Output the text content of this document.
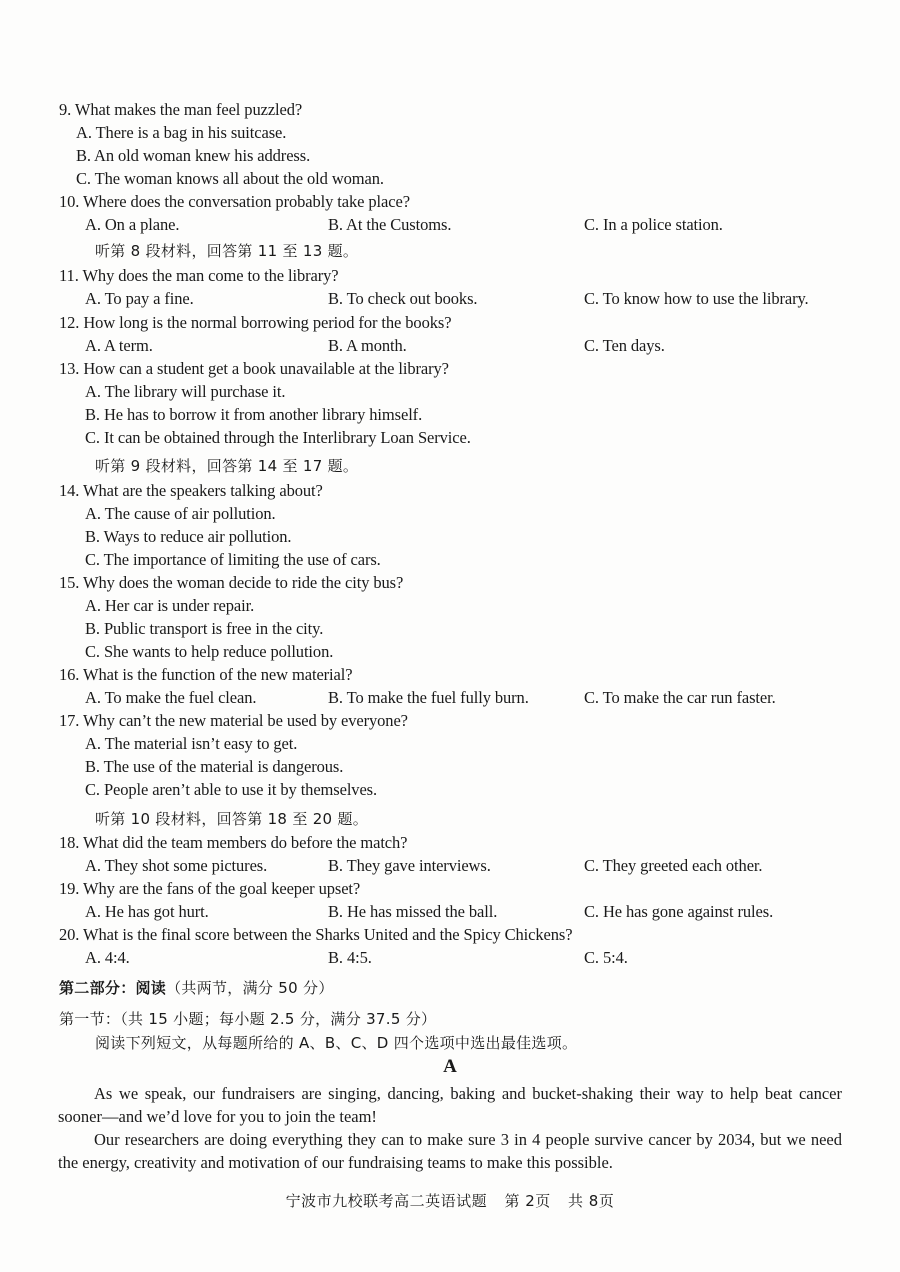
9. What makes the man feel puzzled?
A. There is a bag in his suitcase.
B. An old woman knew his address.
C. The woman knows all about the old woman.
10. Where does the conversation probably take place?
A. On a plane.	B. At the Customs.	C. In a police station.
听第 8 段材料，回答第 11 至 13 题。
11. Why does the man come to the library?
A. To pay a fine.	B. To check out books.	C. To know how to use the library.
12. How long is the normal borrowing period for the books?
A. A term.	B. A month.	C. Ten days.
13. How can a student get a book unavailable at the library?
A. The library will purchase it.
B. He has to borrow it from another library himself.
C. It can be obtained through the Interlibrary Loan Service.
听第 9 段材料，回答第 14 至 17 题。
14. What are the speakers talking about?
A. The cause of air pollution.
B. Ways to reduce air pollution.
C. The importance of limiting the use of cars.
15. Why does the woman decide to ride the city bus?
A. Her car is under repair.
B. Public transport is free in the city.
C. She wants to help reduce pollution.
16. What is the function of the new material?
A. To make the fuel clean.	B. To make the fuel fully burn.	C. To make the car run faster.
17. Why can’t the new material be used by everyone?
A. The material isn’t easy to get.
B. The use of the material is dangerous.
C. People aren’t able to use it by themselves.
听第 10 段材料，回答第 18 至 20 题。
18. What did the team members do before the match?
A. They shot some pictures.	B. They gave interviews.	C. They greeted each other.
19. Why are the fans of the goal keeper upset?
A. He has got hurt.	B. He has missed the ball.	C. He has gone against rules.
20. What is the final score between the Sharks United and the Spicy Chickens?
A. 4:4.	B. 4:5.	C. 5:4.
第二部分：阅读（共两节，满分 50 分）
第一节：（共 15 小题；每小题 2.5 分，满分 37.5 分）
阅读下列短文，从每题所给的 A、B、C、D 四个选项中选出最佳选项。
A
As we speak, our fundraisers are singing, dancing, baking and bucket-shaking their way to help beat cancer sooner—and we’d love for you to join the team!
Our researchers are doing everything they can to make sure 3 in 4 people survive cancer by 2034, but we need the energy, creativity and motivation of our fundraising teams to make this possible.
宁波市九校联考高二英语试题 第 2页 共 8页
